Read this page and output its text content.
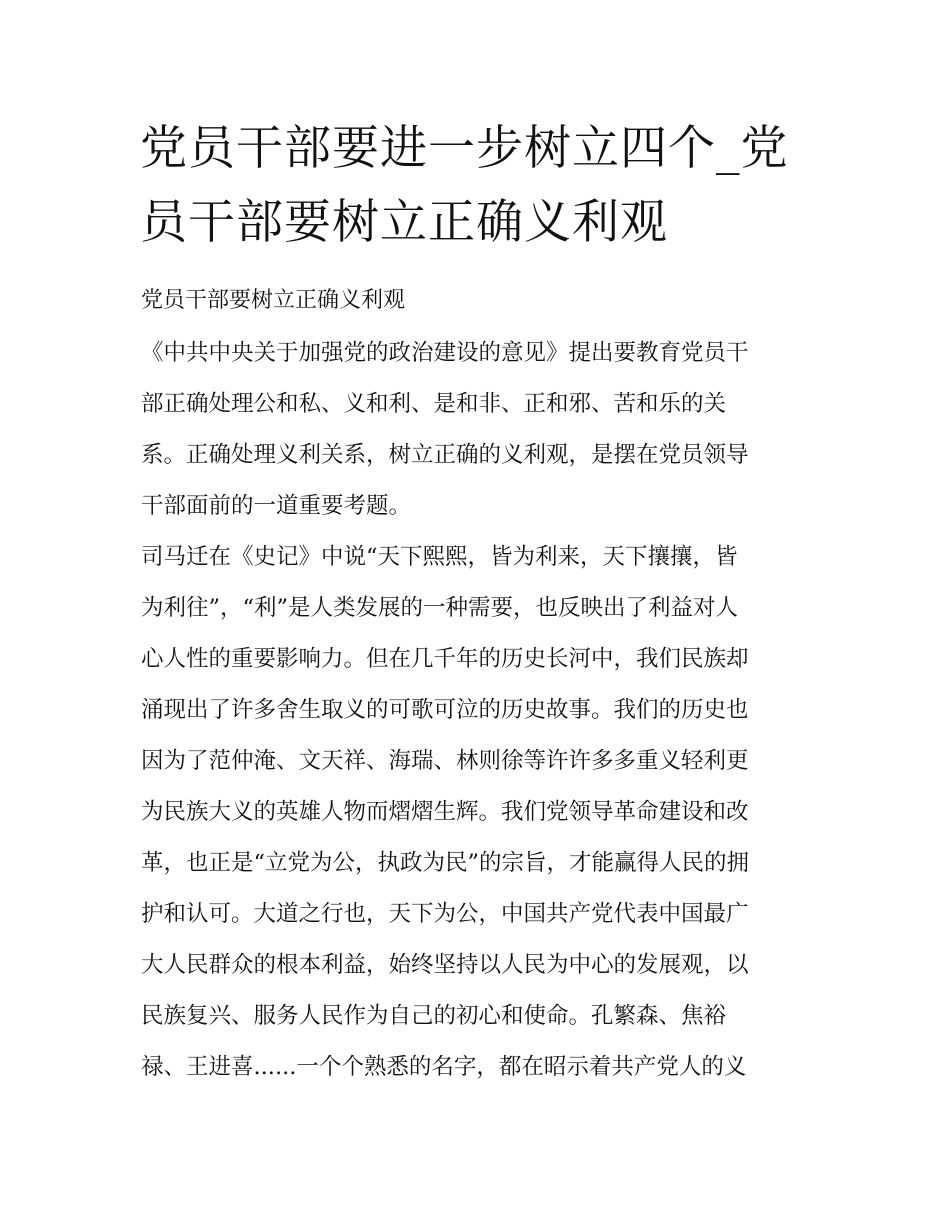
党员干部要进一步树立四个_党
员干部要树立正确义利观

党员干部要树立正确义利观

《中共中央关于加强党的政治建设的意见》提出要教育党员干

部正确处理公和私、义和利、是和非、正和邪、苦和乐的关

系。正确处理义利关系，树立正确的义利观，是摆在党员领导

干部面前的一道重要考题。

司马迁在《史记》中说“天下熙熙，皆为利来，天下攘攘，皆

为利往”，“利”是人类发展的一种需要，也反映出了利益对人

心人性的重要影响力。但在几千年的历史长河中，我们民族却

涌现出了许多舍生取义的可歌可泣的历史故事。我们的历史也

因为了范仲淹、文天祥、海瑞、林则徐等许许多多重义轻利更

为民族大义的英雄人物而熠熠生辉。我们党领导革命建设和改

革，也正是“立党为公，执政为民”的宗旨，才能赢得人民的拥

护和认可。大道之行也，天下为公，中国共产党代表中国最广

大人民群众的根本利益，始终坚持以人民为中心的发展观，以

民族复兴、服务人民作为自己的初心和使命。孔繁森、焦裕

禄、王进喜......一个个熟悉的名字，都在昭示着共产党人的义
